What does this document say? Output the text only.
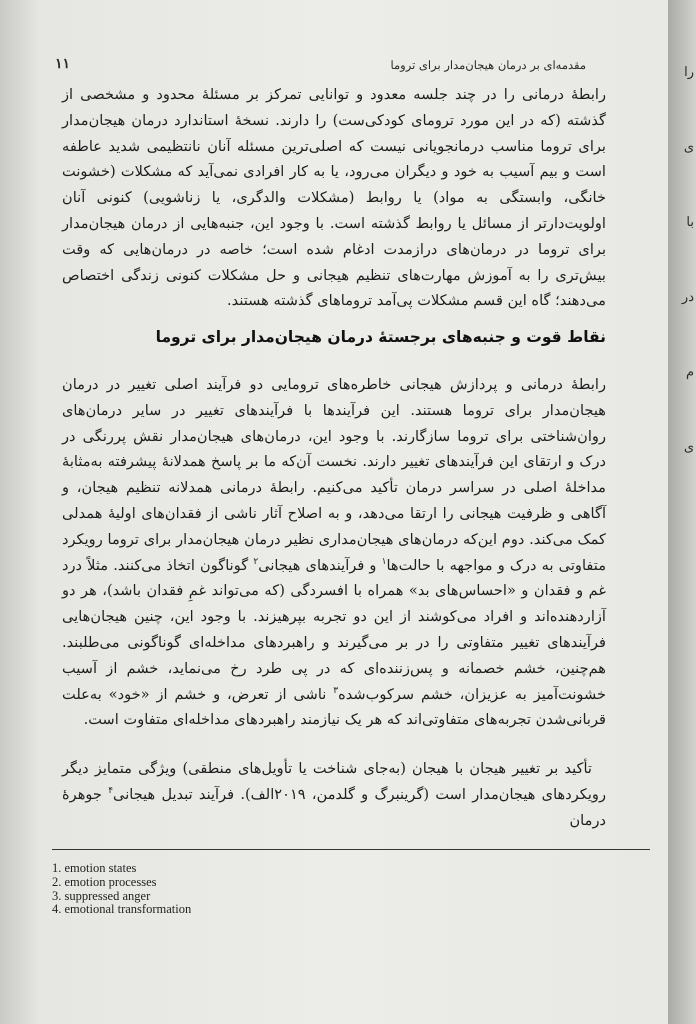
مقدمه‌ای بر درمان هیجان‌مدار برای تروما
۱۱

رابطهٔ درمانی را در چند جلسه معدود و توانایی تمرکز بر مسئلهٔ محدود و مشخصی از گذشته (که در این مورد ترومای کودکی‌ست) را دارند. نسخهٔ استاندارد درمان هیجان‌مدار برای تروما مناسب درمانجویانی نیست که اصلی‌ترین مسئله آنان نانتظیمی شدید عاطفه است و بیم آسیب به خود و دیگران می‌رود، یا به کار افرادی نمی‌آید که مشکلات (خشونت خانگی، وابستگی به مواد) یا روابط (مشکلات والدگری، یا زناشویی) کنونی آنان اولویت‌دارتر از مسائل یا روابط گذشته است. با وجود این، جنبه‌هایی از درمان هیجان‌مدار برای تروما در درمان‌های درازمدت ادغام شده است؛ خاصه در درمان‌هایی که وقت بیش‌تری را به آموزش مهارت‌های تنظیم هیجانی و حل مشکلات کنونی زندگی اختصاص می‌دهند؛ گاه این قسم مشکلات پی‌آمد تروماهای گذشته هستند.

نقاط قوت و جنبه‌های برجستهٔ درمان هیجان‌مدار برای تروما

رابطهٔ درمانی و پردازش هیجانی خاطره‌های ترومایی دو فرآیند اصلی تغییر در درمان هیجان‌مدار برای تروما هستند. این فرآیندها با فرآیندهای تغییر در سایر درمان‌های روان‌شناختی برای تروما سازگارند. با وجود این، درمان‌های هیجان‌مدار نقش پررنگی در درک و ارتقای این فرآیندهای تغییر دارند. نخست آن‌که ما بر پاسخ همدلانهٔ پیشرفته به‌مثابهٔ مداخلهٔ اصلی در سراسر درمان تأکید می‌کنیم. رابطهٔ درمانی همدلانه تنظیم هیجان، و آگاهی و ظرفیت هیجانی را ارتقا می‌دهد، و به اصلاح آثار ناشی از فقدان‌های اولیهٔ همدلی کمک می‌کند. دوم این‌که درمان‌های هیجان‌مداری نظیر درمان هیجان‌مدار برای تروما رویکرد متفاوتی به درک و مواجهه با حالت‌ها$^۱$ و فرآیندهای هیجانی$^۲$ گوناگون اتخاذ می‌کنند. مثلاً درد غم و فقدان و «احساس‌های بد» همراه با افسردگی (که می‌تواند غمِ فقدان باشد)، هر دو آزاردهنده‌اند و افراد می‌کوشند از این دو تجربه بپرهیزند. با وجود این، چنین هیجان‌هایی فرآیندهای تغییر متفاوتی را در بر می‌گیرند و راهبردهای مداخله‌ای گوناگونی می‌طلبند. هم‌چنین، خشم خصمانه و پس‌زننده‌ای که در پی طرد رخ می‌نماید، خشم از آسیب خشونت‌آمیز به عزیزان، خشم سرکوب‌شده$^۳$ ناشی از تعرض، و خشم از «خود» به‌علت قربانی‌شدن تجربه‌های متفاوتی‌اند که هر یک نیازمند راهبردهای مداخله‌ای متفاوت است.

تأکید بر تغییر هیجان با هیجان (به‌جای شناخت یا تأویل‌های منطقی) ویژگی متمایز دیگر رویکردهای هیجان‌مدار است (گرینبرگ و گلدمن، ۲۰۱۹الف). فرآیند تبدیل هیجانی$^۴$ جوهرهٔ درمان

1. emotion states
2. emotion processes
3. suppressed anger
4. emotional transformation
را
ی
با
در
م
ی
